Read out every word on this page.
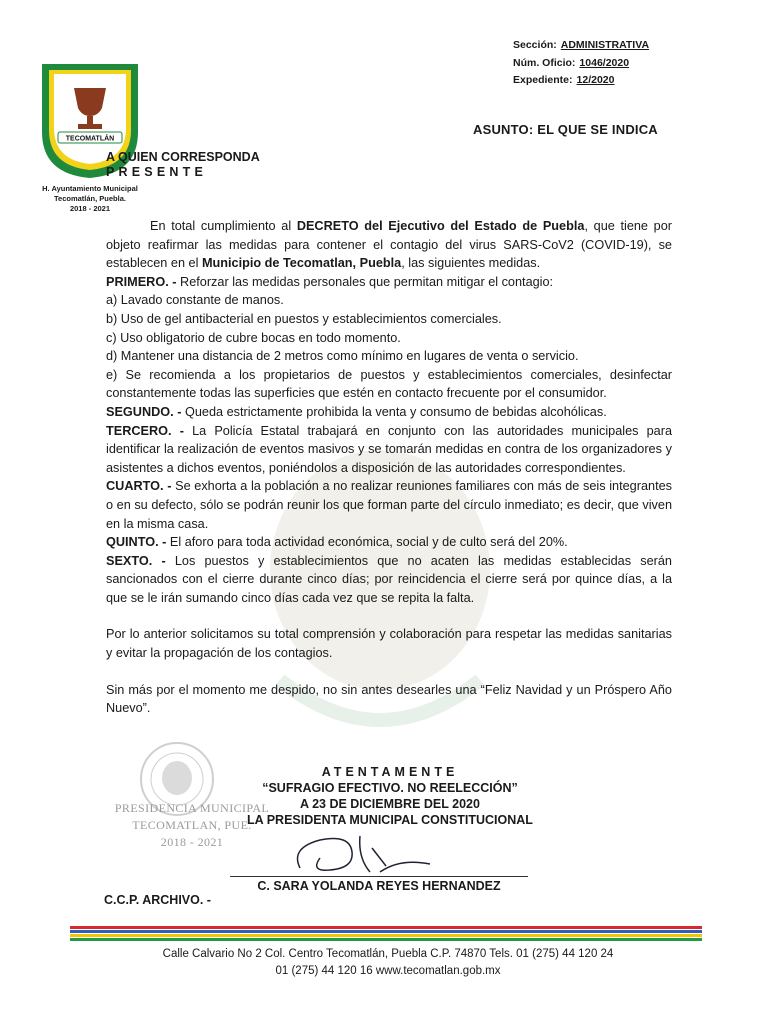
TECOMATLÁN
H. Ayuntamiento Municipal
Tecomatlán, Puebla.
2018 - 2021
Sección: ADMINISTRATIVA
Núm. Oficio: 1046/2020
Expediente: 12/2020
ASUNTO: EL QUE SE INDICA
A QUIEN CORRESPONDA
PRESENTE

En total cumplimiento al DECRETO del Ejecutivo del Estado de Puebla, que tiene por objeto reafirmar las medidas para contener el contagio del virus SARS-CoV2 (COVID-19), se establecen en el Municipio de Tecomatlan, Puebla, las siguientes medidas.

PRIMERO. - Reforzar las medidas personales que permitan mitigar el contagio:

a) Lavado constante de manos.

b) Uso de gel antibacterial en puestos y establecimientos comerciales.

c) Uso obligatorio de cubre bocas en todo momento.

d) Mantener una distancia de 2 metros como mínimo en lugares de venta o servicio.

e) Se recomienda a los propietarios de puestos y establecimientos comerciales, desinfectar constantemente todas las superficies que estén en contacto frecuente por el consumidor.

SEGUNDO. - Queda estrictamente prohibida la venta y consumo de bebidas alcohólicas.

TERCERO. - La Policía Estatal trabajará en conjunto con las autoridades municipales para identificar la realización de eventos masivos y se tomarán medidas en contra de los organizadores y asistentes a dichos eventos, poniéndolos a disposición de las autoridades correspondientes.

CUARTO. - Se exhorta a la población a no realizar reuniones familiares con más de seis integrantes o en su defecto, sólo se podrán reunir los que forman parte del círculo inmediato; es decir, que viven en la misma casa.

QUINTO. - El aforo para toda actividad económica, social y de culto será del 20%.

SEXTO. - Los puestos y establecimientos que no acaten las medidas establecidas serán sancionados con el cierre durante cinco días; por reincidencia el cierre será por quince días, a la que se le irán sumando cinco días cada vez que se repita la falta.

Por lo anterior solicitamos su total comprensión y colaboración para respetar las medidas sanitarias y evitar la propagación de los contagios.

Sin más por el momento me despido, no sin antes desearles una “Feliz Navidad y un Próspero Año Nuevo”.

PRESIDENCIA MUNICIPAL
TECOMATLAN, PUE.
2018 - 2021
ATENTAMENTE
“SUFRAGIO EFECTIVO. NO REELECCIÓN”
A 23 DE DICIEMBRE DEL 2020
LA PRESIDENTA MUNICIPAL CONSTITUCIONAL
C. SARA YOLANDA REYES HERNANDEZ
C.C.P. ARCHIVO. -
Calle Calvario No 2 Col. Centro Tecomatlán, Puebla C.P. 74870 Tels. 01 (275) 44 120 24
01 (275) 44 120 16 www.tecomatlan.gob.mx
